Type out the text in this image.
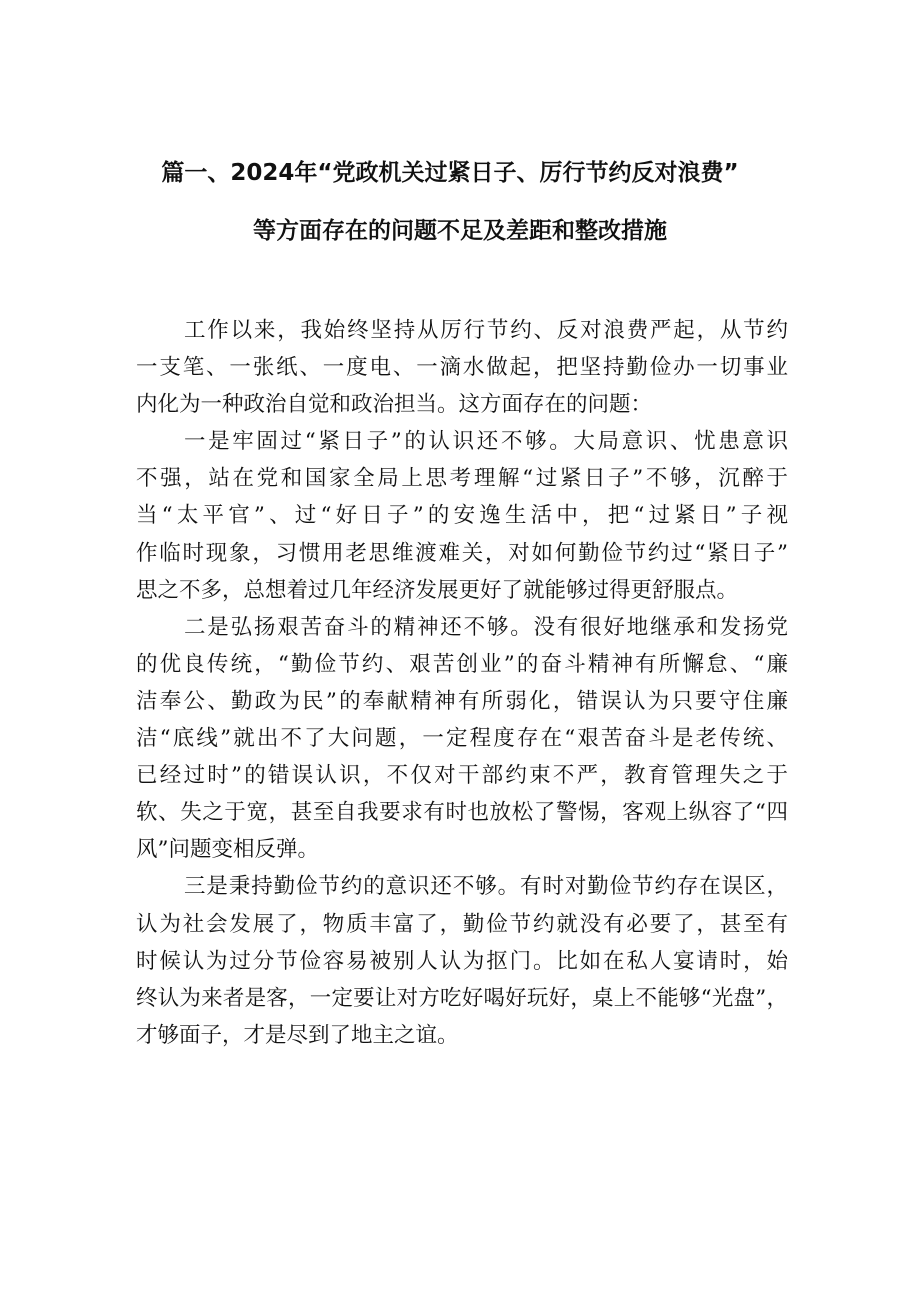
篇一、2024年“党政机关过紧日子、厉行节约反对浪费”
等方面存在的问题不足及差距和整改措施
工作以来，我始终坚持从厉行节约、反对浪费严起，从节约
一支笔、一张纸、一度电、一滴水做起，把坚持勤俭办一切事业
内化为一种政治自觉和政治担当。这方面存在的问题：
一是牢固过“紧日子”的认识还不够。大局意识、忧患意识
不强，站在党和国家全局上思考理解“过紧日子”不够，沉醉于
当“太平官”、过“好日子”的安逸生活中，把“过紧日”子视
作临时现象，习惯用老思维渡难关，对如何勤俭节约过“紧日子”
思之不多，总想着过几年经济发展更好了就能够过得更舒服点。
二是弘扬艰苦奋斗的精神还不够。没有很好地继承和发扬党
的优良传统，“勤俭节约、艰苦创业”的奋斗精神有所懈怠、“廉
洁奉公、勤政为民”的奉献精神有所弱化，错误认为只要守住廉
洁“底线”就出不了大问题，一定程度存在“艰苦奋斗是老传统、
已经过时”的错误认识，不仅对干部约束不严，教育管理失之于
软、失之于宽，甚至自我要求有时也放松了警惕，客观上纵容了“四
风”问题变相反弹。
三是秉持勤俭节约的意识还不够。有时对勤俭节约存在误区，
认为社会发展了，物质丰富了，勤俭节约就没有必要了，甚至有
时候认为过分节俭容易被别人认为抠门。比如在私人宴请时，始
终认为来者是客，一定要让对方吃好喝好玩好，桌上不能够“光盘”，
才够面子，才是尽到了地主之谊。
